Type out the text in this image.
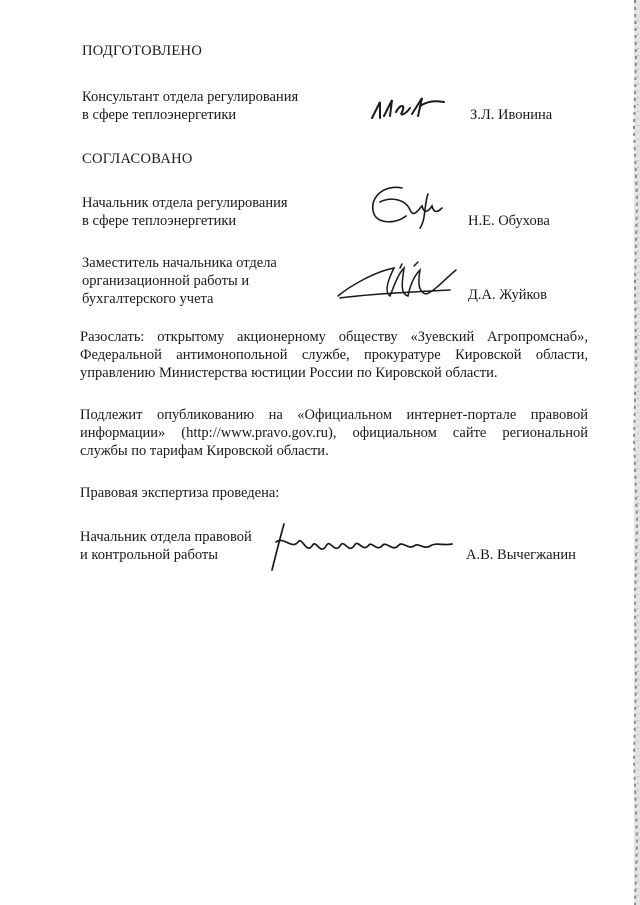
ПОДГОТОВЛЕНО
Консультант отдела регулирования
в сфере теплоэнергетики	З.Л. Ивонина
СОГЛАСОВАНО
Начальник отдела регулирования
в сфере теплоэнергетики	Н.Е. Обухова
Заместитель начальника отдела
организационной работы и
бухгалтерского учета	Д.А. Жуйков
Разослать: открытому акционерному обществу «Зуевский Агропромснаб», Федеральной антимонопольной службе, прокуратуре Кировской области, управлению Министерства юстиции России по Кировской области.
Подлежит опубликованию на «Официальном интернет-портале правовой информации» (http://www.pravo.gov.ru), официальном сайте региональной службы по тарифам Кировской области.
Правовая экспертиза проведена:
Начальник отдела правовой
и контрольной работы	А.В. Вычегжанин
